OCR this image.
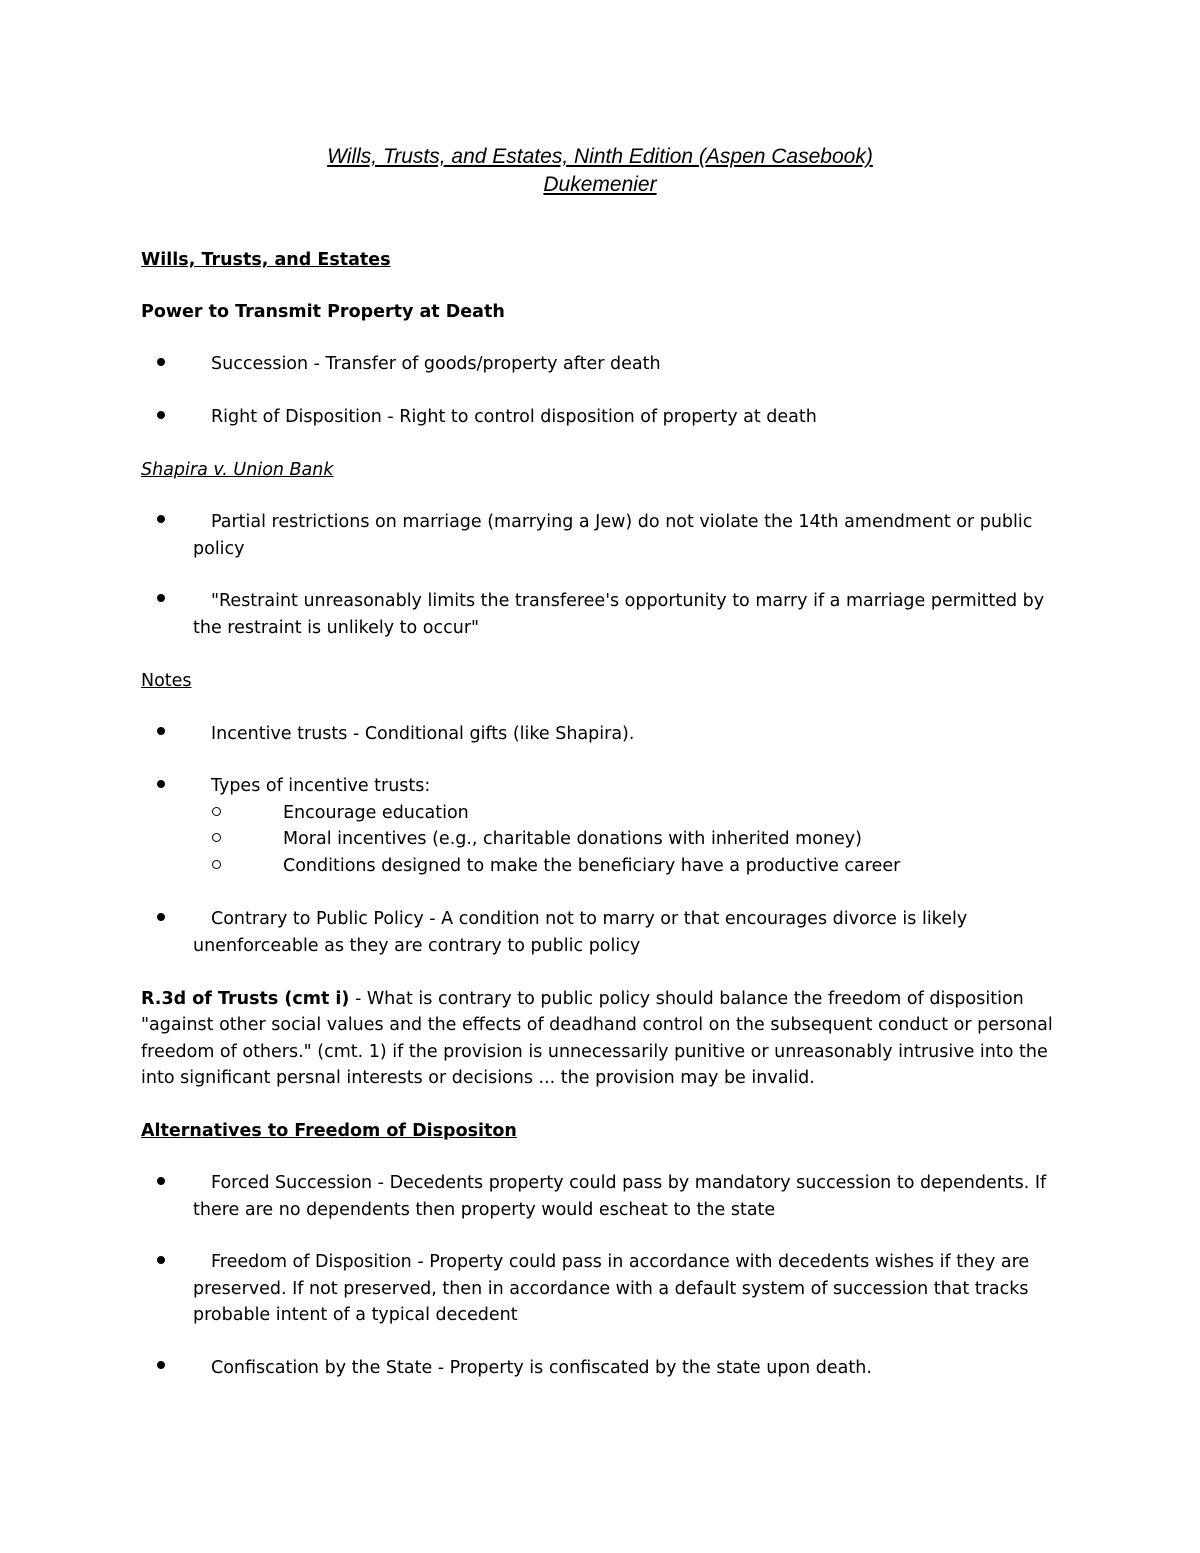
Wills, Trusts, and Estates, Ninth Edition (Aspen Casebook)
Dukemenier
Wills, Trusts, and Estates
Power to Transmit Property at Death
Succession - Transfer of goods/property after death
Right of Disposition - Right to control disposition of property at death
Shapira v. Union Bank
Partial restrictions on marriage (marrying a Jew) do not violate the 14th amendment or public
policy
"Restraint unreasonably limits the transferee's opportunity to marry if a marriage permitted by
the restraint is unlikely to occur"
Notes
Incentive trusts - Conditional gifts (like Shapira).
Types of incentive trusts:
Encourage education
Moral incentives (e.g., charitable donations with inherited money)
Conditions designed to make the beneficiary have a productive career
Contrary to Public Policy - A condition not to marry or that encourages divorce is likely
unenforceable as they are contrary to public policy
R.3d of Trusts (cmt i) - What is contrary to public policy should balance the freedom of disposition
"against other social values and the effects of deadhand control on the subsequent conduct or personal
freedom of others." (cmt. 1) if the provision is unnecessarily punitive or unreasonably intrusive into the
into significant persnal interests or decisions ... the provision may be invalid.
Alternatives to Freedom of Dispositon
Forced Succession - Decedents property could pass by mandatory succession to dependents. If
there are no dependents then property would escheat to the state
Freedom of Disposition - Property could pass in accordance with decedents wishes if they are
preserved. If not preserved, then in accordance with a default system of succession that tracks
probable intent of a typical decedent
Confiscation by the State - Property is confiscated by the state upon death.
